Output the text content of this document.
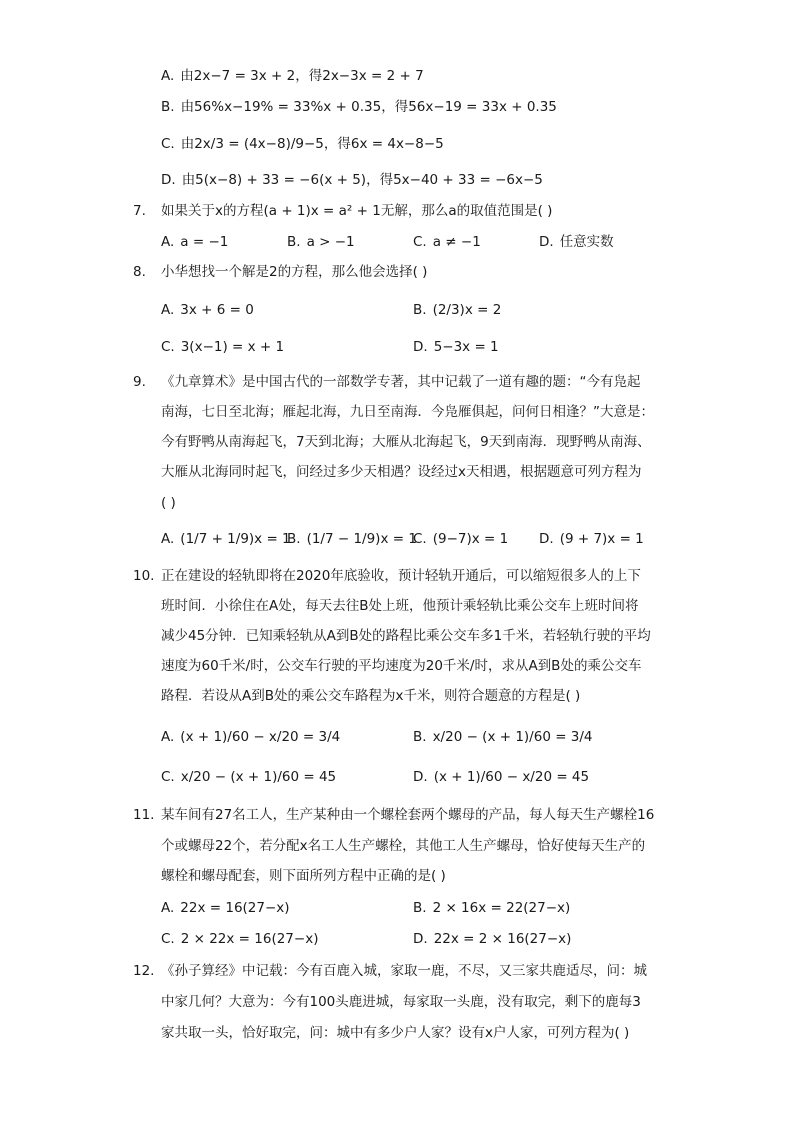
A. 由2x−7 = 3x + 2，得2x−3x = 2 + 7
B. 由56%x−19% = 33%x + 0.35，得56x−19 = 33x + 0.35
C. 由2x/3 = (4x−8)/9−5，得6x = 4x−8−5
D. 由5(x−8) + 33 = −6(x + 5)，得5x−40 + 33 = −6x−5
7. 如果关于x的方程(a + 1)x = a² + 1无解，那么a的取值范围是( )
A. a = −1	B. a > −1	C. a ≠ −1	D. 任意实数
8. 小华想找一个解是2的方程，那么他会选择( )
A. 3x + 6 = 0	B. (2/3)x = 2
C. 3(x−1) = x + 1	D. 5−3x = 1
9. 《九章算术》是中国古代的一部数学专著，其中记载了一道有趣的题：“今有凫起
南海，七日至北海；雁起北海，九日至南海．今凫雁俱起，问何日相逢？”大意是：
今有野鸭从南海起飞，7天到北海；大雁从北海起飞，9天到南海．现野鸭从南海、
大雁从北海同时起飞，问经过多少天相遇？设经过x天相遇，根据题意可列方程为
( )
A. (1/7 + 1/9)x = 1
B. (1/7 − 1/9)x = 1
C. (9−7)x = 1 D. (9 + 7)x = 1
10. 正在建设的轻轨即将在2020年底验收，预计轻轨开通后，可以缩短很多人的上下
班时间．小徐住在A处，每天去往B处上班，他预计乘轻轨比乘公交车上班时间将
减少45分钟．已知乘轻轨从A到B处的路程比乘公交车多1千米，若轻轨行驶的平均
速度为60千米/时，公交车行驶的平均速度为20千米/时，求从A到B处的乘公交车
路程．若设从A到B处的乘公交车路程为x千米，则符合题意的方程是( )
A. (x + 1)/60 − x/20 = 3/4	B. x/20 − (x + 1)/60 = 3/4
C. x/20 − (x + 1)/60 = 45	D. (x + 1)/60 − x/20 = 45
11. 某车间有27名工人，生产某种由一个螺栓套两个螺母的产品，每人每天生产螺栓16
个或螺母22个，若分配x名工人生产螺栓，其他工人生产螺母，恰好使每天生产的
螺栓和螺母配套，则下面所列方程中正确的是( )
A. 22x = 16(27−x)	B. 2 × 16x = 22(27−x)
C. 2 × 22x = 16(27−x)	D. 22x = 2 × 16(27−x)
12. 《孙子算经》中记载：今有百鹿入城，家取一鹿，不尽，又三家共鹿适尽，问：城
中家几何？大意为：今有100头鹿进城，每家取一头鹿，没有取完，剩下的鹿每3
家共取一头，恰好取完，问：城中有多少户人家？设有x户人家，可列方程为( )
